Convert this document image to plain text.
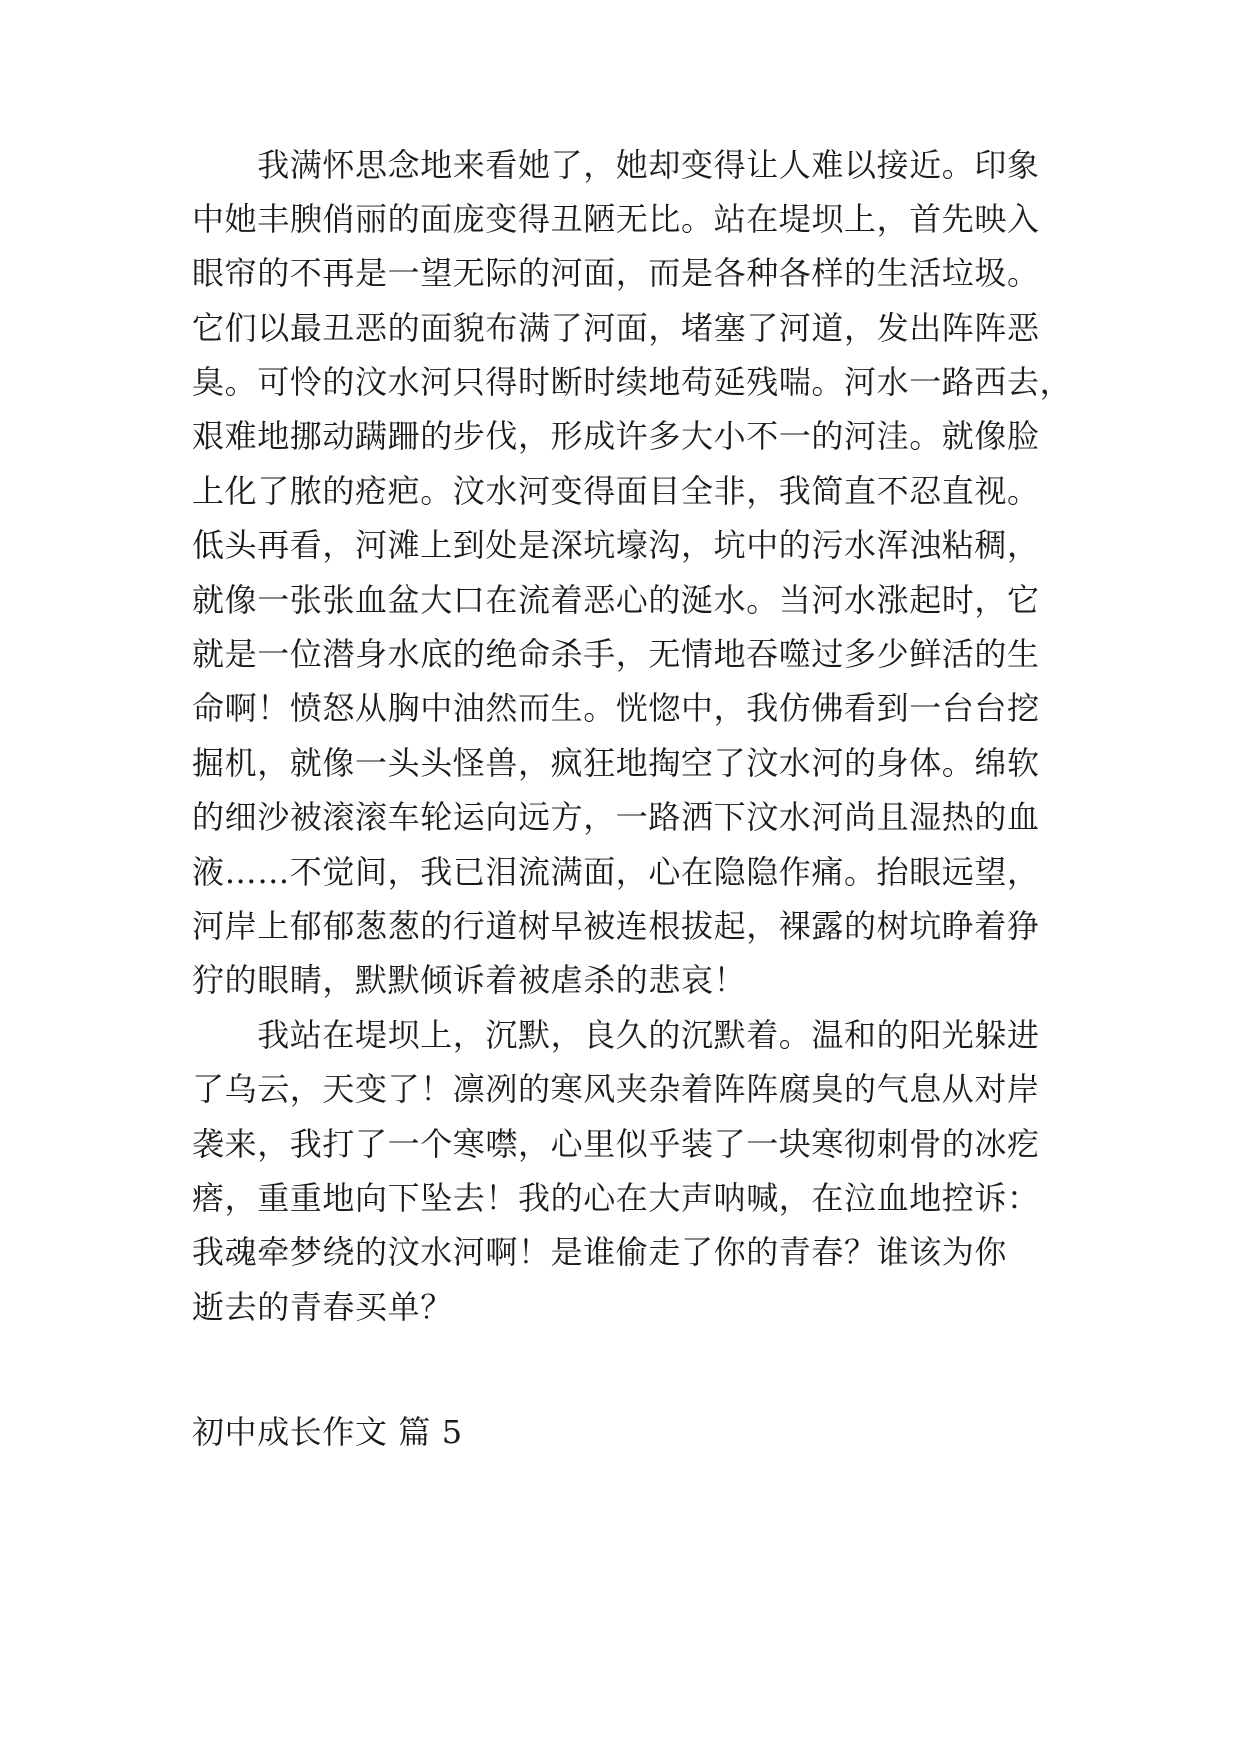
　　我满怀思念地来看她了，她却变得让人难以接近。印象
中她丰腴俏丽的面庞变得丑陋无比。站在堤坝上，首先映入
眼帘的不再是一望无际的河面，而是各种各样的生活垃圾。
它们以最丑恶的面貌布满了河面，堵塞了河道，发出阵阵恶
臭。可怜的汶水河只得时断时续地苟延残喘。河水一路西去，
艰难地挪动蹒跚的步伐，形成许多大小不一的河洼。就像脸
上化了脓的疮疤。汶水河变得面目全非，我简直不忍直视。
低头再看，河滩上到处是深坑壕沟，坑中的污水浑浊粘稠，
就像一张张血盆大口在流着恶心的涎水。当河水涨起时，它
就是一位潜身水底的绝命杀手，无情地吞噬过多少鲜活的生
命啊！愤怒从胸中油然而生。恍惚中，我仿佛看到一台台挖
掘机，就像一头头怪兽，疯狂地掏空了汶水河的身体。绵软
的细沙被滚滚车轮运向远方，一路洒下汶水河尚且湿热的血
液……不觉间，我已泪流满面，心在隐隐作痛。抬眼远望，
河岸上郁郁葱葱的行道树早被连根拔起，裸露的树坑睁着狰
狞的眼睛，默默倾诉着被虐杀的悲哀！
　　我站在堤坝上，沉默，良久的沉默着。温和的阳光躲进
了乌云，天变了！凛冽的寒风夹杂着阵阵腐臭的气息从对岸
袭来，我打了一个寒噤，心里似乎装了一块寒彻刺骨的冰疙
瘩，重重地向下坠去！我的心在大声呐喊，在泣血地控诉：
我魂牵梦绕的汶水河啊！是谁偷走了你的青春？谁该为你
逝去的青春买单？
初中成长作文 篇 5
